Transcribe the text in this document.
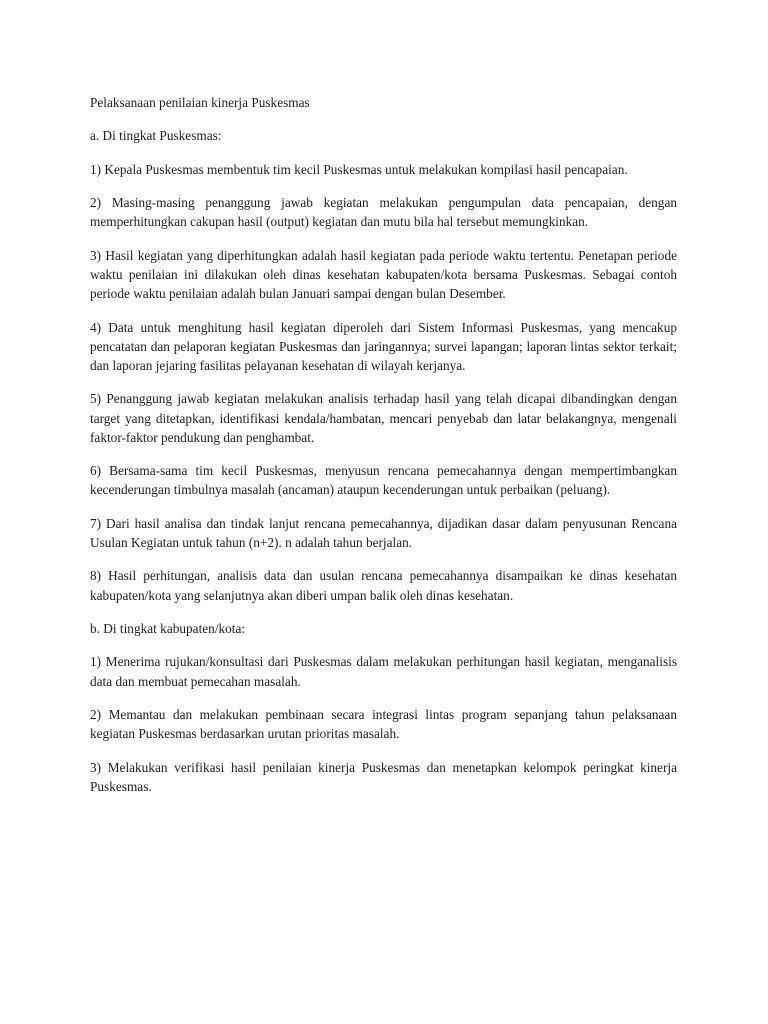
Pelaksanaan penilaian kinerja Puskesmas

a. Di tingkat Puskesmas:

1) Kepala Puskesmas membentuk tim kecil Puskesmas untuk melakukan kompilasi hasil pencapaian.

2) Masing-masing penanggung jawab kegiatan melakukan pengumpulan data pencapaian, dengan memperhitungkan cakupan hasil (output) kegiatan dan mutu bila hal tersebut memungkinkan.

3) Hasil kegiatan yang diperhitungkan adalah hasil kegiatan pada periode waktu tertentu. Penetapan periode waktu penilaian ini dilakukan oleh dinas kesehatan kabupaten/kota bersama Puskesmas. Sebagai contoh periode waktu penilaian adalah bulan Januari sampai dengan bulan Desember.

4) Data untuk menghitung hasil kegiatan diperoleh dari Sistem Informasi Puskesmas, yang mencakup pencatatan dan pelaporan kegiatan Puskesmas dan jaringannya; survei lapangan; laporan lintas sektor terkait; dan laporan jejaring fasilitas pelayanan kesehatan di wilayah kerjanya.

5) Penanggung jawab kegiatan melakukan analisis terhadap hasil yang telah dicapai dibandingkan dengan target yang ditetapkan, identifikasi kendala/hambatan, mencari penyebab dan latar belakangnya, mengenali faktor-faktor pendukung dan penghambat.

6) Bersama-sama tim kecil Puskesmas, menyusun rencana pemecahannya dengan mempertimbangkan kecenderungan timbulnya masalah (ancaman) ataupun kecenderungan untuk perbaikan (peluang).

7) Dari hasil analisa dan tindak lanjut rencana pemecahannya, dijadikan dasar dalam penyusunan Rencana Usulan Kegiatan untuk tahun (n+2). n adalah tahun berjalan.

8) Hasil perhitungan, analisis data dan usulan rencana pemecahannya disampaikan ke dinas kesehatan kabupaten/kota yang selanjutnya akan diberi umpan balik oleh dinas kesehatan.

b. Di tingkat kabupaten/kota:

1) Menerima rujukan/konsultasi dari Puskesmas dalam melakukan perhitungan hasil kegiatan, menganalisis data dan membuat pemecahan masalah.

2) Memantau dan melakukan pembinaan secara integrasi lintas program sepanjang tahun pelaksanaan kegiatan Puskesmas berdasarkan urutan prioritas masalah.

3) Melakukan verifikasi hasil penilaian kinerja Puskesmas dan menetapkan kelompok peringkat kinerja Puskesmas.
